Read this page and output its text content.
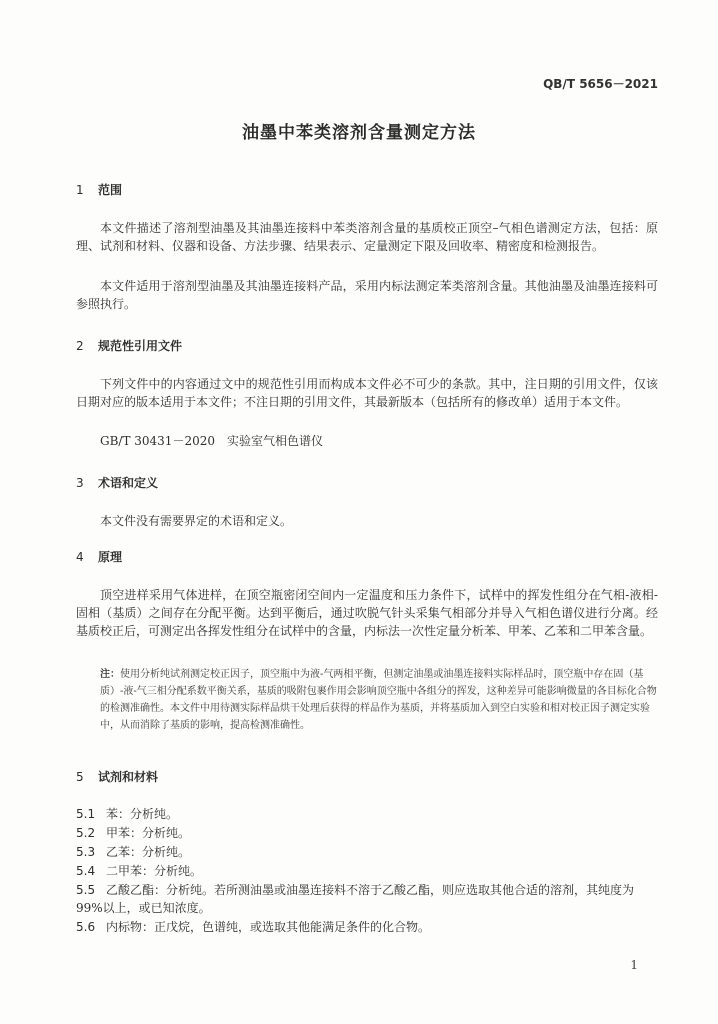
QB/T 5656－2021
油墨中苯类溶剂含量测定方法
1 范围
本文件描述了溶剂型油墨及其油墨连接料中苯类溶剂含量的基质校正顶空–气相色谱测定方法，包括：原理、试剂和材料、仪器和设备、方法步骤、结果表示、定量测定下限及回收率、精密度和检测报告。
本文件适用于溶剂型油墨及其油墨连接料产品，采用内标法测定苯类溶剂含量。其他油墨及油墨连接料可参照执行。
2 规范性引用文件
下列文件中的内容通过文中的规范性引用而构成本文件必不可少的条款。其中，注日期的引用文件，仅该日期对应的版本适用于本文件；不注日期的引用文件，其最新版本（包括所有的修改单）适用于本文件。
GB/T 30431－2020　实验室气相色谱仪
3 术语和定义
本文件没有需要界定的术语和定义。
4 原理
顶空进样采用气体进样，在顶空瓶密闭空间内一定温度和压力条件下，试样中的挥发性组分在气相-液相-固相（基质）之间存在分配平衡。达到平衡后，通过吹脱气针头采集气相部分并导入气相色谱仪进行分离。经基质校正后，可测定出各挥发性组分在试样中的含量，内标法一次性定量分析苯、甲苯、乙苯和二甲苯含量。
注：使用分析纯试剂测定校正因子，顶空瓶中为液-气两相平衡，但测定油墨或油墨连接料实际样品时，顶空瓶中存在固（基质）-液-气三相分配系数平衡关系，基质的吸附包裹作用会影响顶空瓶中各组分的挥发，这种差异可能影响微量的各目标化合物的检测准确性。本文件中用待测实际样品烘干处理后获得的样品作为基质，并将基质加入到空白实验和相对校正因子测定实验中，从而消除了基质的影响，提高检测准确性。
5 试剂和材料
5.1 苯：分析纯。
5.2 甲苯：分析纯。
5.3 乙苯：分析纯。
5.4 二甲苯：分析纯。
5.5 乙酸乙酯：分析纯。若所测油墨或油墨连接料不溶于乙酸乙酯，则应选取其他合适的溶剂，其纯度为99%以上，或已知浓度。
5.6 内标物：正戊烷，色谱纯，或选取其他能满足条件的化合物。
1
